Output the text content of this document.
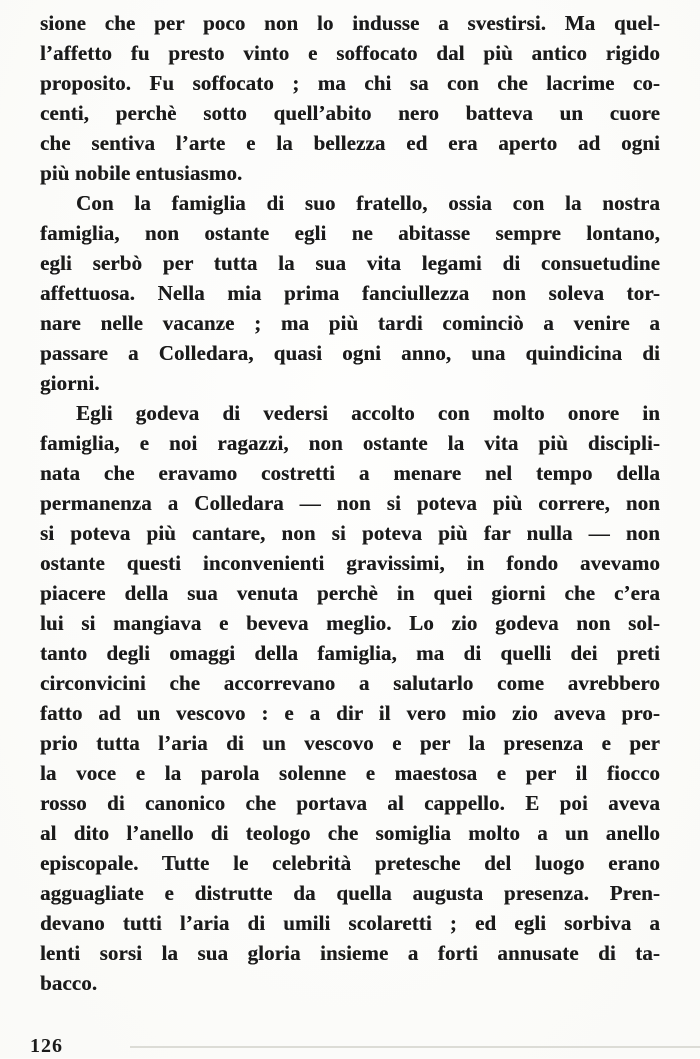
sione che per poco non lo indusse a svestirsi. Ma quel-
l’affetto fu presto vinto e soffocato dal più antico rigido
proposito. Fu soffocato ; ma chi sa con che lacrime co-
centi, perchè sotto quell’abito nero batteva un cuore
che sentiva l’arte e la bellezza ed era aperto ad ogni
più nobile entusiasmo.
Con la famiglia di suo fratello, ossia con la nostra
famiglia, non ostante egli ne abitasse sempre lontano,
egli serbò per tutta la sua vita legami di consuetudine
affettuosa. Nella mia prima fanciullezza non soleva tor-
nare nelle vacanze ; ma più tardi cominciò a venire a
passare a Colledara, quasi ogni anno, una quindicina di
giorni.
Egli godeva di vedersi accolto con molto onore in
famiglia, e noi ragazzi, non ostante la vita più discipli-
nata che eravamo costretti a menare nel tempo della
permanenza a Colledara — non si poteva più correre, non
si poteva più cantare, non si poteva più far nulla — non
ostante questi inconvenienti gravissimi, in fondo avevamo
piacere della sua venuta perchè in quei giorni che c’era
lui si mangiava e beveva meglio. Lo zio godeva non sol-
tanto degli omaggi della famiglia, ma di quelli dei preti
circonvicini che accorrevano a salutarlo come avrebbero
fatto ad un vescovo : e a dir il vero mio zio aveva pro-
prio tutta l’aria di un vescovo e per la presenza e per
la voce e la parola solenne e maestosa e per il fiocco
rosso di canonico che portava al cappello. E poi aveva
al dito l’anello di teologo che somiglia molto a un anello
episcopale. Tutte le celebrità pretesche del luogo erano
agguagliate e distrutte da quella augusta presenza. Pren-
devano tutti l’aria di umili scolaretti ; ed egli sorbiva a
lenti sorsi la sua gloria insieme a forti annusate di ta-
bacco.
126
